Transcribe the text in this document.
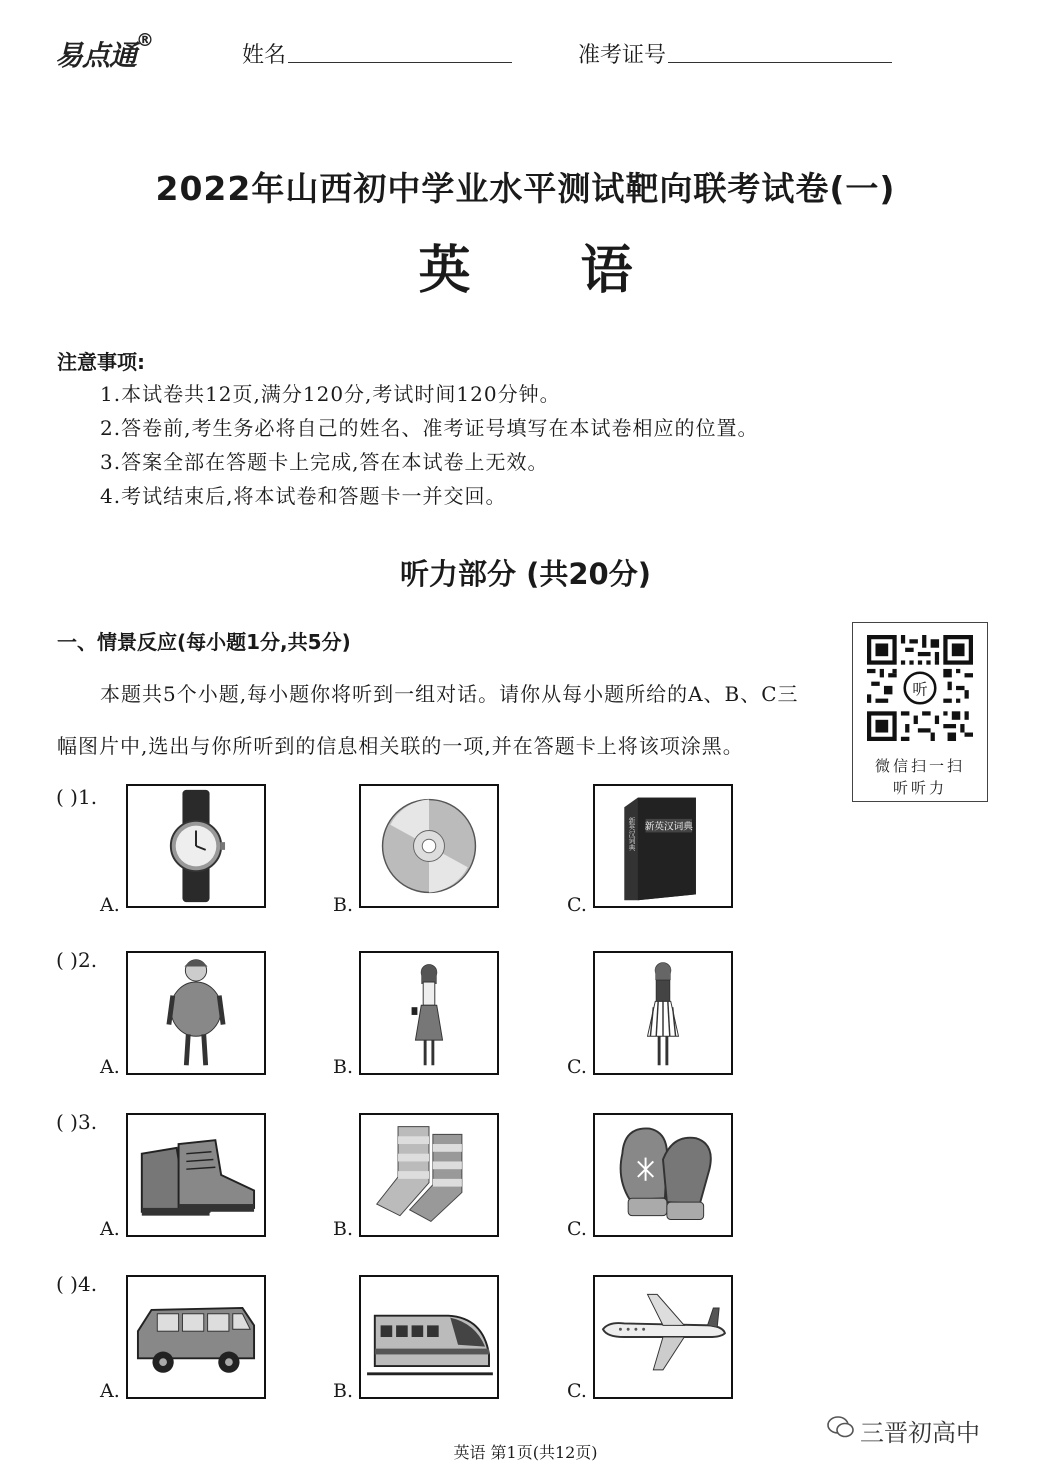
易点通®
姓名	准考证号
2022年山西初中学业水平测试靶向联考试卷(一)
英 语
注意事项:
1.本试卷共12页,满分120分,考试时间120分钟。
2.答卷前,考生务必将自己的姓名、准考证号填写在本试卷相应的位置。
3.答案全部在答题卡上完成,答在本试卷上无效。
4.考试结束后,将本试卷和答题卡一并交回。
听力部分 (共20分)
一、情景反应(每小题1分,共5分)
本题共5个小题,每小题你将听到一组对话。请你从每小题所给的A、B、C三
幅图片中,选出与你所听到的信息相关联的一项,并在答题卡上将该项涂黑。
听
微信扫一扫
听听力
( )1.
A.	B.
新英汉词典
新英汉词典
C.
( )2.
A.	B.	C.
( )3.
A.	B.	C.
( )4.
A.	B.	C.
三晋初高中
英语 第1页(共12页)
